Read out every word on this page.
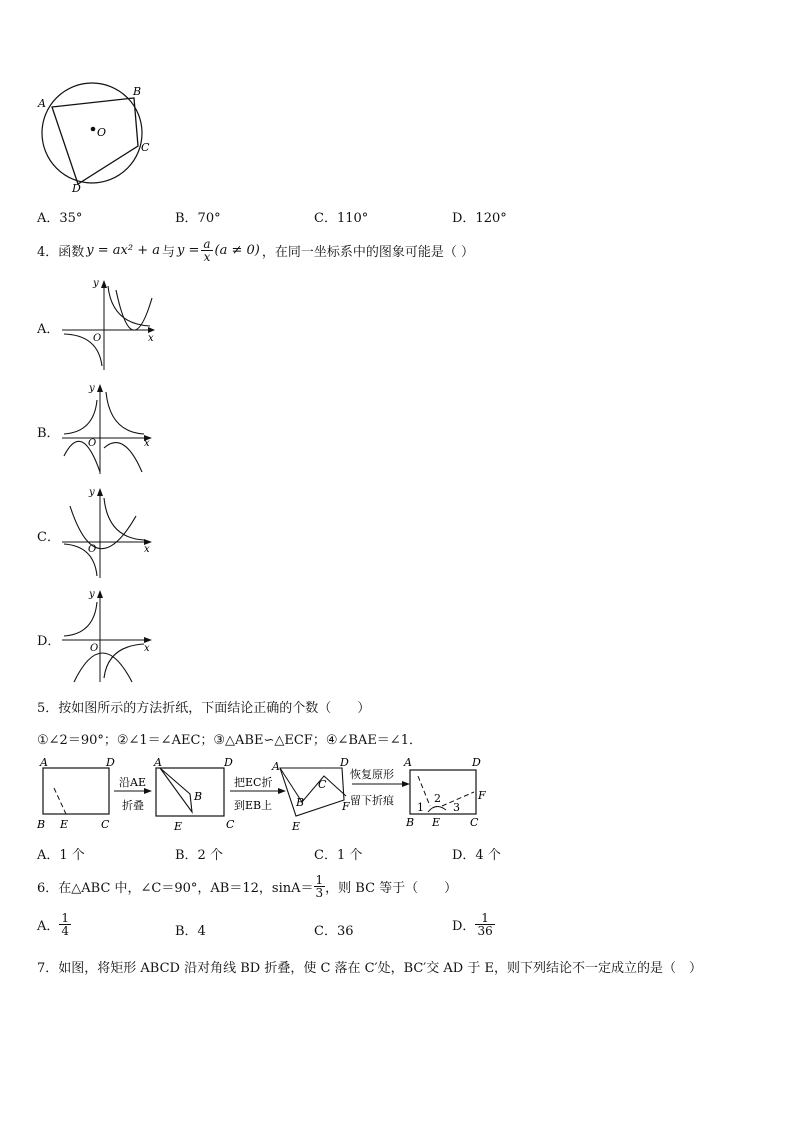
A
B
C
D
O
A．35°	B．70°	C．110°	D．120°
4．函数 y = ax² + a 与 $y = \frac{a}{x} (a \ne 0)$ ，在同一坐标系中的图象可能是（ ）
A．
y
x
O
B．
y
x
O
C．
y
x
O
D．
y
x
O
5．按如图所示的方法折纸，下面结论正确的个数（　　）
①∠2＝90°；②∠1＝∠AEC；③△ABE∽△ECF；④∠BAE＝∠1．
A	D
B E	C
沿AE
折叠
A	D
B
E	C
把EC折
到EB上
A	D
C
B
E
F
恢复原形
留下折痕
A	D
B E	C
F
1
2
3
A．1 个	B．2 个	C．1 个	D．4 个
6．在△ABC 中，∠C＝90°，AB＝12，$\sin A= \frac{1}{3}$ ，则 BC 等于（　　）
A． $\frac{1}{4}$	B．4	C．36	D． $\frac{1}{36}$
7．如图，将矩形 ABCD 沿对角线 BD 折叠，使 C 落在 C′处，BC′交 AD 于 E，则下列结论不一定成立的是（　）
